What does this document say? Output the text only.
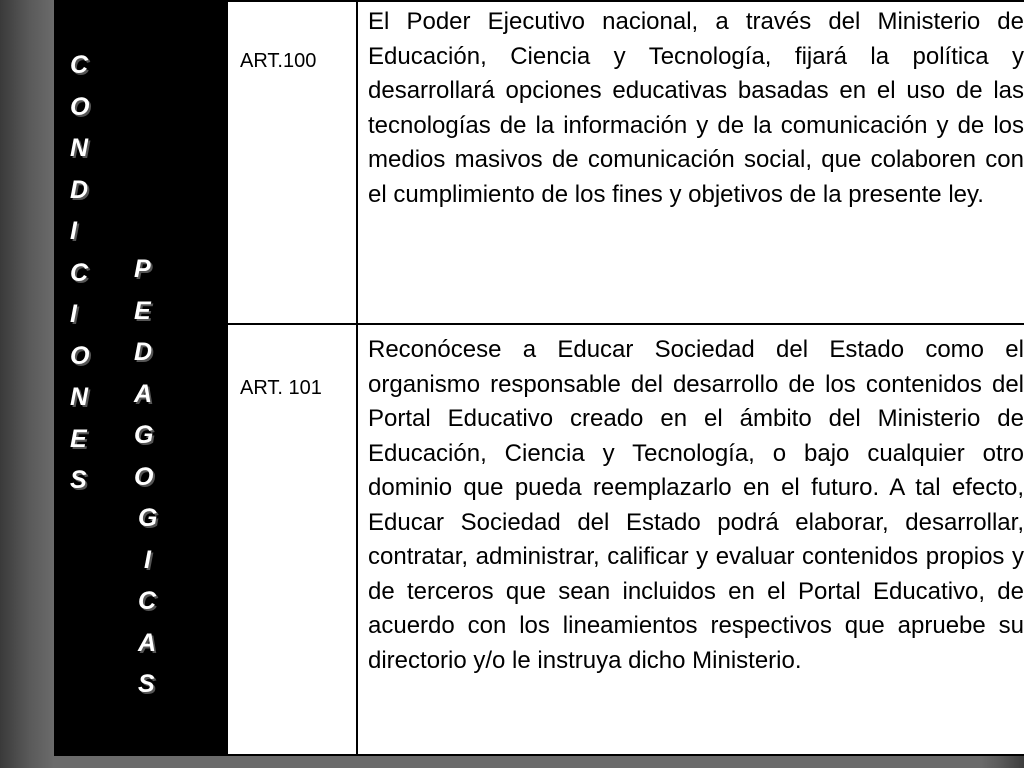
C
O
N
D
I
C
I
O
N
E
S
P
E
D
A
G
O
G
I
C
A
S
ART.100
El Poder Ejecutivo nacional, a través del Ministerio de Educación, Ciencia y Tecnología, fijará la política y desarrollará opciones educativas basadas en el uso de las tecnologías de la información y de la comunicación y de los medios masivos de comunicación social, que colaboren con el cumplimiento de los fines y objetivos de la presente ley.
ART. 101
Reconócese a Educar Sociedad del Estado como el organismo responsable del desarrollo de los contenidos del Portal Educativo creado en el ámbito del Ministerio de Educación, Ciencia y Tecnología, o bajo cualquier otro dominio que pueda reemplazarlo en el futuro. A tal efecto, Educar Sociedad del Estado podrá elaborar, desarrollar, contratar, administrar, calificar y evaluar contenidos propios y de terceros que sean incluidos en el Portal Educativo, de acuerdo con los lineamientos respectivos que apruebe su directorio y/o le instruya dicho Ministerio.
